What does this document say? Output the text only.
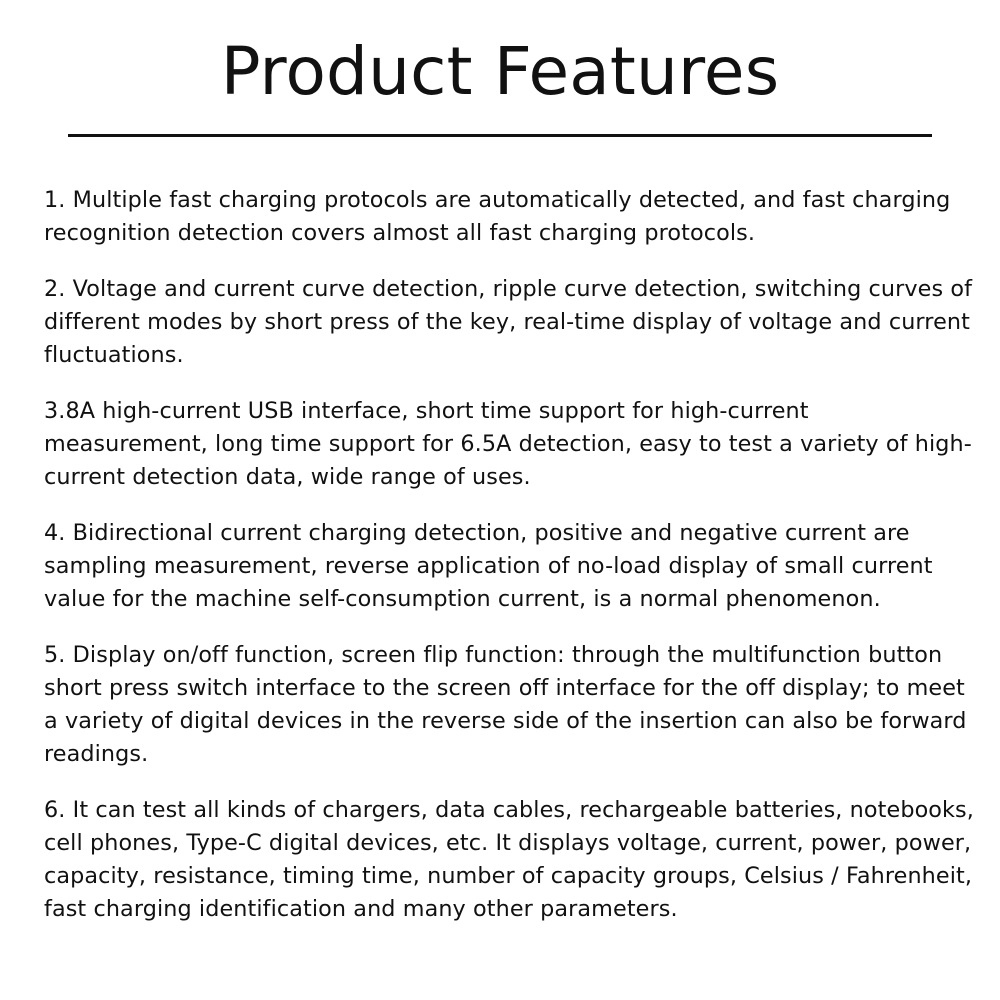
Product Features

1. Multiple fast charging protocols are automatically detected, and fast charging recognition detection covers almost all fast charging protocols.

2. Voltage and current curve detection, ripple curve detection, switching curves of different modes by short press of the key, real-time display of voltage and current fluctuations.

3.8A high-current USB interface, short time support for high-current measurement, long time support for 6.5A detection, easy to test a variety of high-current detection data, wide range of uses.

4. Bidirectional current charging detection, positive and negative current are sampling measurement, reverse application of no-load display of small current value for the machine self-consumption current, is a normal phenomenon.

5. Display on/off function, screen flip function: through the multifunction button short press switch interface to the screen off interface for the off display; to meet a variety of digital devices in the reverse side of the insertion can also be forward readings.

6. It can test all kinds of chargers, data cables, rechargeable batteries, notebooks, cell phones, Type-C digital devices, etc. It displays voltage, current, power, power, capacity, resistance, timing time, number of capacity groups, Celsius / Fahrenheit, fast charging identification and many other parameters.
